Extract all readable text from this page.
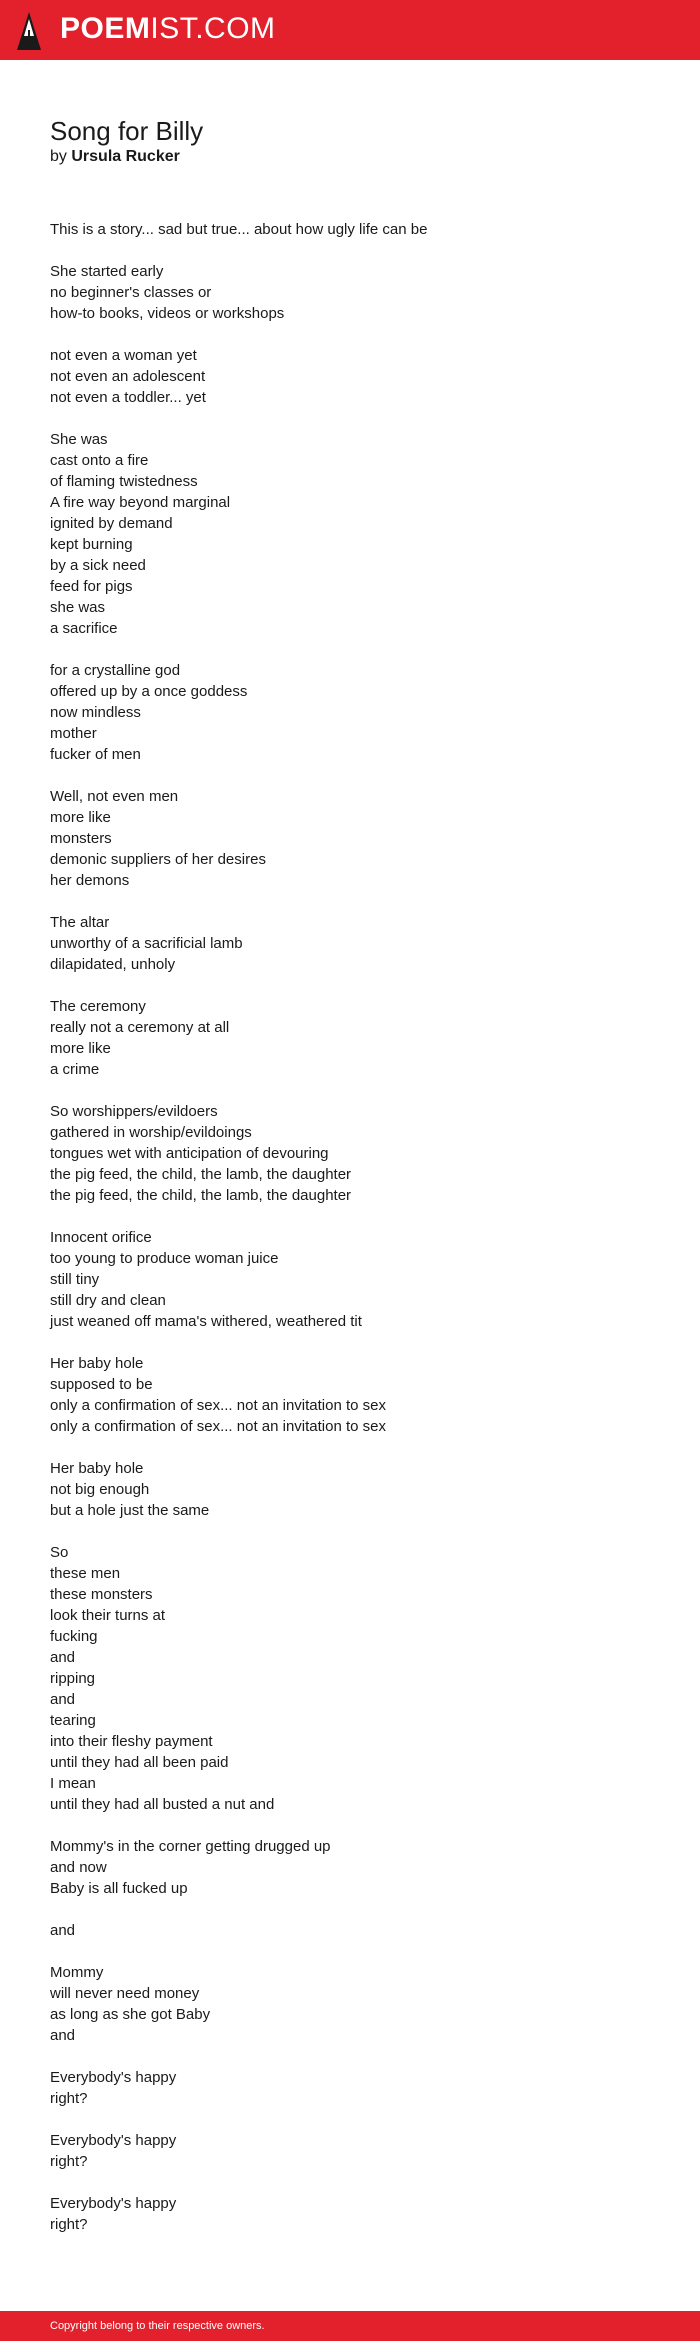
POEMIST.COM
Song for Billy
by Ursula Rucker
This is a story... sad but true... about how ugly life can be
She started early
no beginner's classes or
how-to books, videos or workshops
not even a woman yet
not even an adolescent
not even a toddler... yet
She was
cast onto a fire
of flaming twistedness
A fire way beyond marginal
ignited by demand
kept burning
by a sick need
feed for pigs
she was
a sacrifice
for a crystalline god
offered up by a once goddess
now mindless
mother
fucker of men
Well, not even men
more like
monsters
demonic suppliers of her desires
her demons
The altar
unworthy of a sacrificial lamb
dilapidated, unholy
The ceremony
really not a ceremony at all
more like
a crime
So worshippers/evildoers
gathered in worship/evildoings
tongues wet with anticipation of devouring
the pig feed, the child, the lamb, the daughter
the pig feed, the child, the lamb, the daughter
Innocent orifice
too young to produce woman juice
still tiny
still dry and clean
just weaned off mama's withered, weathered tit
Her baby hole
supposed to be
only a confirmation of sex... not an invitation to sex
only a confirmation of sex... not an invitation to sex
Her baby hole
not big enough
but a hole just the same
So
these men
these monsters
look their turns at
fucking
and
ripping
and
tearing
into their fleshy payment
until they had all been paid
I mean
until they had all busted a nut and
Mommy's in the corner getting drugged up
and now
Baby is all fucked up
and
Mommy
will never need money
as long as she got Baby
and
Everybody's happy
right?
Everybody's happy
right?
Everybody's happy
right?
Copyright belong to their respective owners.
